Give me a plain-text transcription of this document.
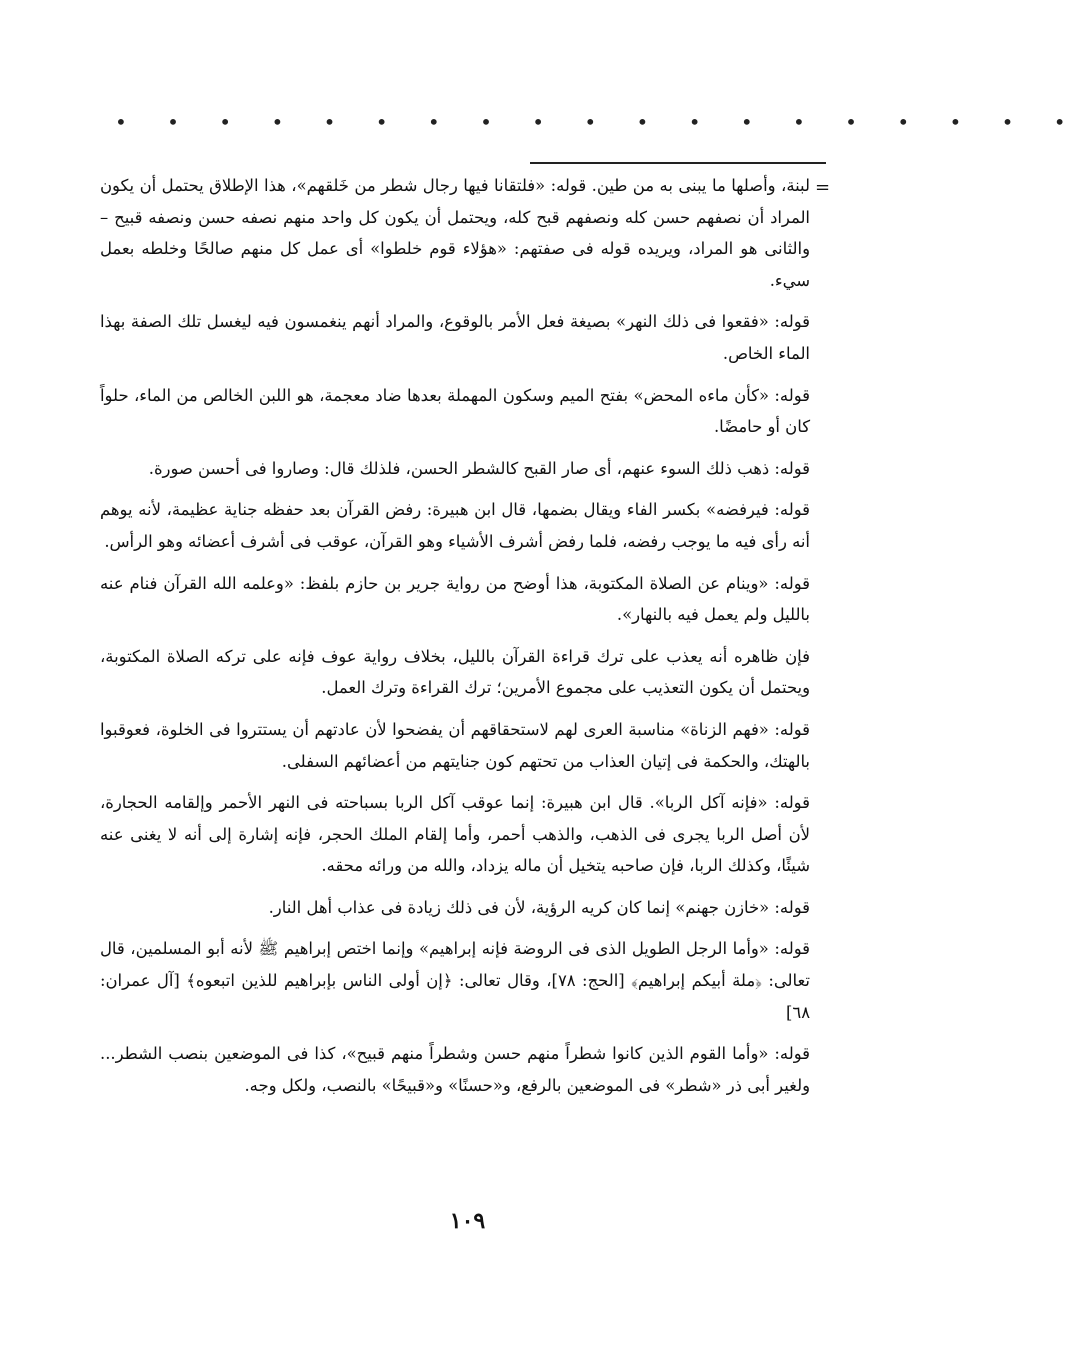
• • • • • • • • • • • • • • • • • • •
=

لبنة، وأصلها ما يبنى به من طين. قوله: «فلتقانا فيها رجال شطر من خَلقهم»، هذا الإطلاق يحتمل أن يكون المراد أن نصفهم حسن كله ونصفهم قبح كله، ويحتمل أن يكون كل واحد منهم نصفه حسن ونصفه قبيح – والثانى هو المراد، ويريده قوله فى صفتهم: «هؤلاء قوم خلطوا» أى عمل كل منهم صالحًا وخلطه بعمل سيء.

قوله: «فقعوا فى ذلك النهر» بصيغة فعل الأمر بالوقوع، والمراد أنهم ينغمسون فيه ليغسل تلك الصفة بهذا الماء الخاص.

قوله: «كأن ماءه المحض» بفتح الميم وسكون المهملة بعدها ضاد معجمة، هو اللبن الخالص من الماء، حلواً كان أو حامضًا.

قوله: ذهب ذلك السوء عنهم، أى صار القبح كالشطر الحسن، فلذلك قال: وصاروا فى أحسن صورة.

قوله: فيرفضه» بكسر الفاء ويقال بضمها، قال ابن هبيرة: رفض القرآن بعد حفظه جناية عظيمة، لأنه يوهم أنه رأى فيه ما يوجب رفضه، فلما رفض أشرف الأشياء وهو القرآن، عوقب فى أشرف أعضائه وهو الرأس.

قوله: «وينام عن الصلاة المكتوبة، هذا أوضح من رواية جرير بن حازم بلفظ: «وعلمه الله القرآن فنام عنه بالليل ولم يعمل فيه بالنهار».

فإن ظاهره أنه يعذب على ترك قراءة القرآن بالليل، بخلاف رواية عوف فإنه على تركه الصلاة المكتوبة، ويحتمل أن يكون التعذيب على مجموع الأمرين؛ ترك القراءة وترك العمل.

قوله: «فهم الزناة» مناسبة العرى لهم لاستحقاقهم أن يفضحوا لأن عادتهم أن يستتروا فى الخلوة، فعوقبوا بالهتك، والحكمة فى إتيان العذاب من تحتهم كون جنايتهم من أعضائهم السفلى.

قوله: «فإنه آكل الربا». قال ابن هبيرة: إنما عوقب آكل الربا بسباحته فى النهر الأحمر وإلقامه الحجارة، لأن أصل الربا يجرى فى الذهب، والذهب أحمر، وأما إلقام الملك الحجر، فإنه إشارة إلى أنه لا يغنى عنه شيئًا، وكذلك الربا، فإن صاحبه يتخيل أن ماله يزداد، والله من ورائه محقه.

قوله: «خازن جهنم» إنما كان كريه الرؤية، لأن فى ذلك زيادة فى عذاب أهل النار.

قوله: «وأما الرجل الطويل الذى فى الروضة فإنه إبراهيم» وإنما اختص إبراهيم ﷺ لأنه أبو المسلمين، قال تعالى: ﴿ملة أبيكم إبراهيم﴾ [الحج: ٧٨]، وقال تعالى: ﴿إن أولى الناس بإبراهيم للذين اتبعوه﴾ [آل عمران: ٦٨]

قوله: «وأما القوم الذين كانوا شطراً منهم حسن وشطراً منهم قبيح»، كذا فى الموضعين بنصب الشطر... ولغير أبى ذر «شطر» فى الموضعين بالرفع، و«حسنًا» و«قبيحًا» بالنصب، ولكل وجه.

١٠٩
